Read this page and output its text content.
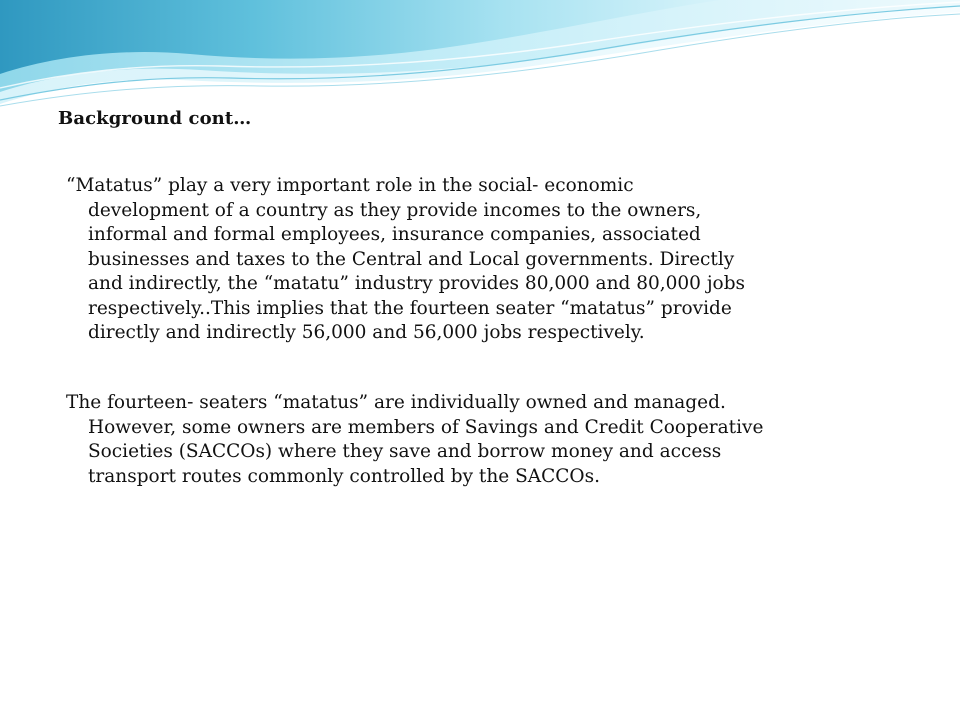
Background cont…
“Matatus” play a very important role in the social- economic
development of a country as they provide incomes to the owners,
informal and formal employees, insurance companies, associated
businesses and taxes to the Central and Local governments. Directly
and indirectly, the “matatu” industry provides 80,000 and 80,000 jobs
respectively..This implies that the fourteen seater “matatus” provide
directly and indirectly 56,000 and 56,000 jobs respectively.
The fourteen- seaters “matatus” are individually owned and managed.
However, some owners are members of Savings and Credit Cooperative
Societies (SACCOs) where they save and borrow money and access
transport routes commonly controlled by the SACCOs.
